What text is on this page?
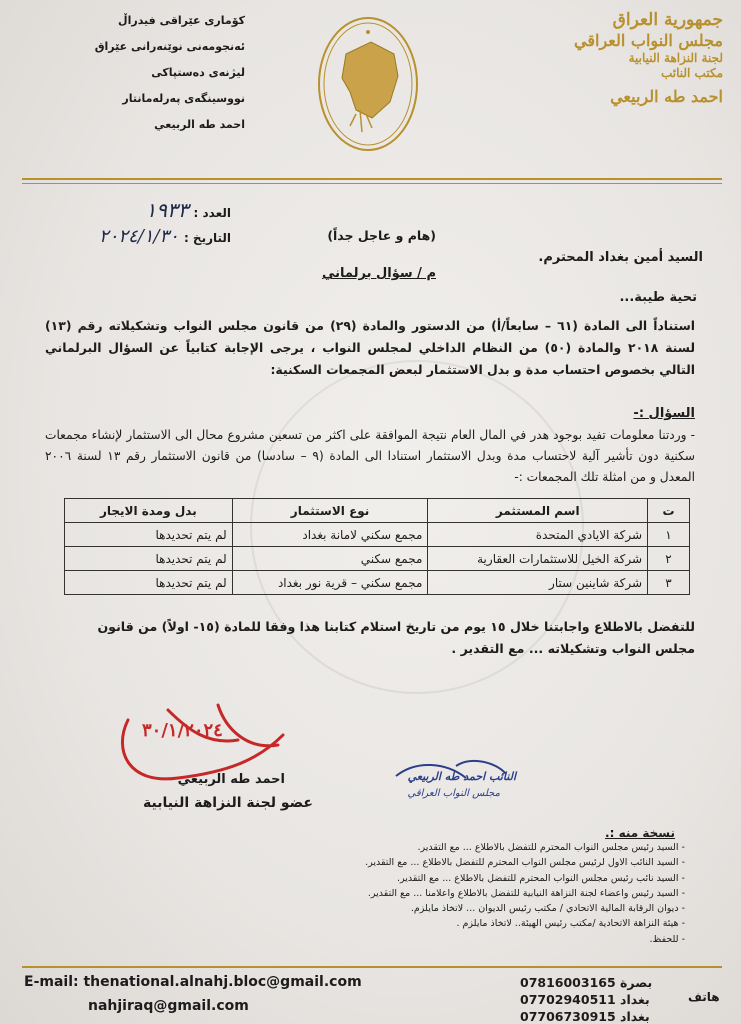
جمهورية العراق
مجلس النواب العراقي
لجنة النزاهة النيابية
مكتب النائب
احمد طه الربيعي
کۆماری عێراقی فیدراڵ
ئەنجومەنی نوێنەرانی عێراق
لیژنەی دەستپاکی
نووسینگەی پەرلەمانتار
احمد طه الربيعي
العدد : ١٩٣٣
التاريخ : ٢٠٢٤/١/٣٠	(هام و عاجل جداً)
السيد أمين بغداد المحترم.
م / سؤال برلماني
تحية طيبة...
استناداً الى المادة (٦١ – سابعاً/أ) من الدستور والمادة (٢٩) من قانون مجلس النواب وتشكيلاته رقم (١٣) لسنة ٢٠١٨ والمادة (٥٠) من النظام الداخلي لمجلس النواب ، يرجى الإجابة كتابياً عن السؤال البرلماني التالي بخصوص احتساب مدة و بدل الاستثمار لبعض المجمعات السكنية:
السؤال :-
- وردتنا معلومات تفيد بوجود هدر في المال العام نتيجة الموافقة على اكثر من تسعين مشروع محال الى الاستثمار لإنشاء مجمعات سكنية دون تأشير آلية لاحتساب مدة وبدل الاستثمار استنادا الى المادة (٩ – سادسا) من قانون الاستثمار رقم ١٣ لسنة ٢٠٠٦ المعدل و من امثلة تلك المجمعات :-
ت	اسم المستثمر	نوع الاستثمار	بدل ومدة الايجار
١	شركة الايادي المتحدة	مجمع سكني لامانة بغداد	لم يتم تحديدها
٢	شركة الخيل للاستثمارات العقارية	مجمع سكني	لم يتم تحديدها
٣	شركة شاينين ستار	مجمع سكني – قرية نور بغداد	لم يتم تحديدها
للتفضل بالاطلاع واجابتنا خلال ١٥ يوم من تاريخ استلام كتابنا هذا وفقا للمادة (١٥- اولاً) من قانون مجلس النواب وتشكيلاته ... مع التقدير .
٣٠/١/٢٠٢٤
احمد طه الربيعي
عضو لجنة النزاهة النيابية
النائب احمد طه الربيعي
مجلس النواب العراقي
نسخة منه :.
- السيد رئيس مجلس النواب المحترم للتفضل بالاطلاع ... مع التقدير.
- السيد النائب الاول لرئيس مجلس النواب المحترم للتفضل بالاطلاع ... مع التقدير.
- السيد نائب رئيس مجلس النواب المحترم للتفضل بالاطلاع ... مع التقدير.
- السيد رئيس واعضاء لجنة النزاهة النيابية للتفضل بالاطلاع واعلامنا ... مع التقدير.
- ديوان الرقابة المالية الاتحادي / مكتب رئيس الديوان ... لاتخاذ مايلزم.
- هيئة النزاهة الاتحادية /مكتب رئيس الهيئة.. لاتخاذ مايلزم .
- للحفظ.
E-mail: thenational.alnahj.bloc@gmail.com
nahjiraq@gmail.com
07816003165 بصرة
07702940511 بغداد
07706730915 بغداد
هاتف
